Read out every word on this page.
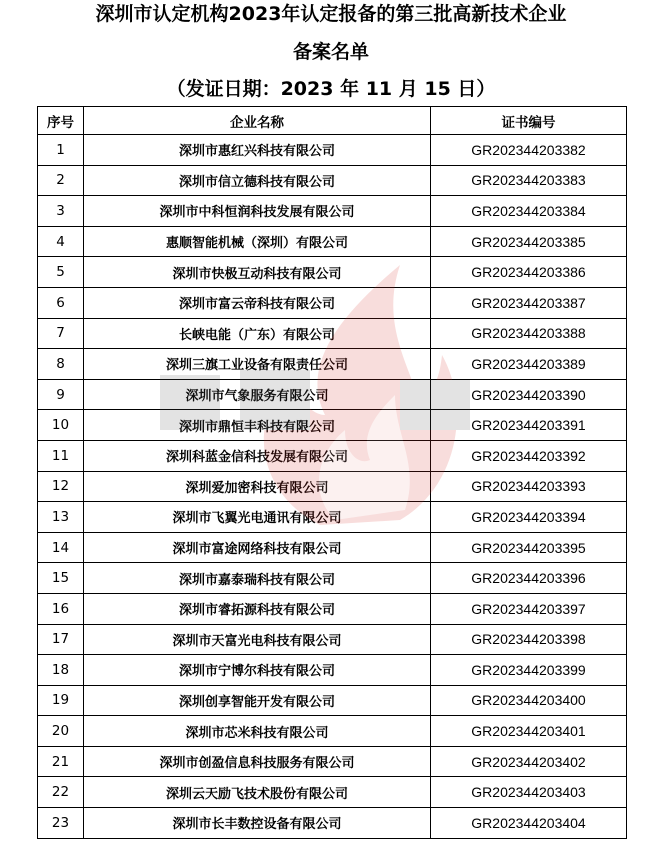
深圳市认定机构2023年认定报备的第三批高新技术企业
备案名单
（发证日期：2023 年 11 月 15 日）
序号	企业名称	证书编号
1	深圳市惠红兴科技有限公司	GR202344203382
2	深圳市信立德科技有限公司	GR202344203383
3	深圳市中科恒润科技发展有限公司	GR202344203384
4	惠顺智能机械（深圳）有限公司	GR202344203385
5	深圳市快极互动科技有限公司	GR202344203386
6	深圳市富云帝科技有限公司	GR202344203387
7	长峡电能（广东）有限公司	GR202344203388
8	深圳三旗工业设备有限责任公司	GR202344203389
9	深圳市气象服务有限公司	GR202344203390
10	深圳市鼎恒丰科技有限公司	GR202344203391
11	深圳科蓝金信科技发展有限公司	GR202344203392
12	深圳爱加密科技有限公司	GR202344203393
13	深圳市飞翼光电通讯有限公司	GR202344203394
14	深圳市富途网络科技有限公司	GR202344203395
15	深圳市嘉泰瑞科技有限公司	GR202344203396
16	深圳市睿拓源科技有限公司	GR202344203397
17	深圳市天富光电科技有限公司	GR202344203398
18	深圳市宁博尔科技有限公司	GR202344203399
19	深圳创享智能开发有限公司	GR202344203400
20	深圳市芯米科技有限公司	GR202344203401
21	深圳市创盈信息科技服务有限公司	GR202344203402
22	深圳云天励飞技术股份有限公司	GR202344203403
23	深圳市长丰数控设备有限公司	GR202344203404
